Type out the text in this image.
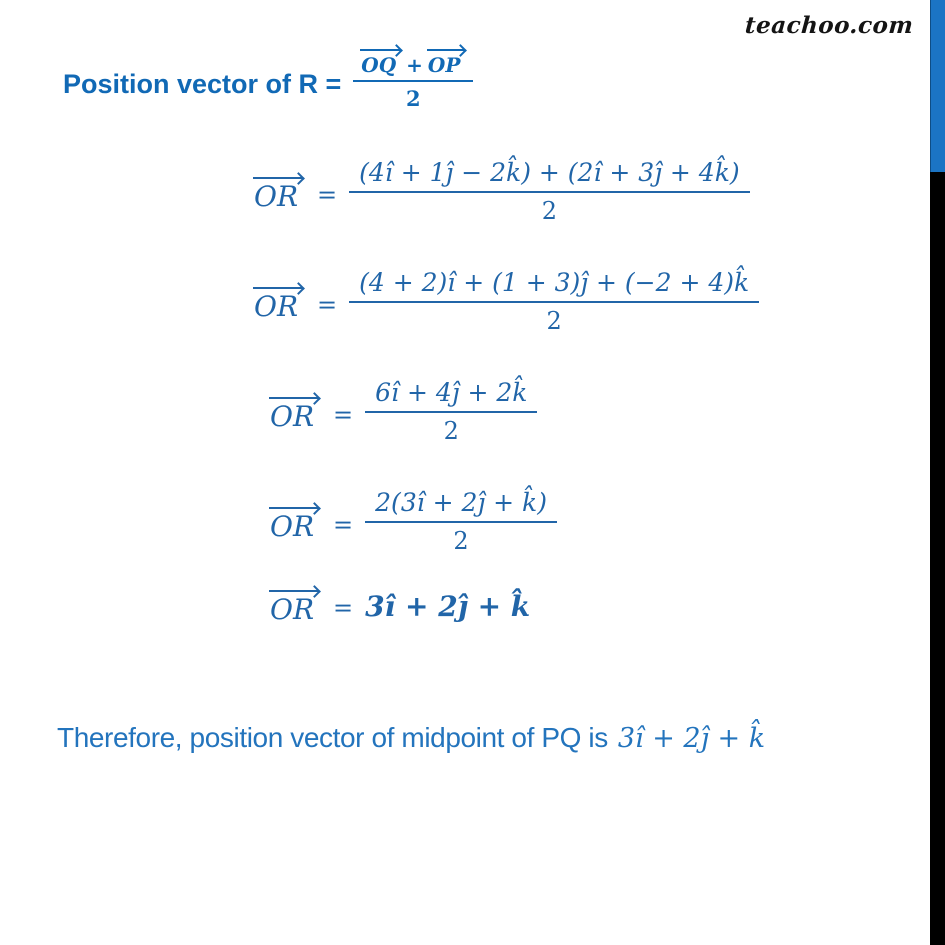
teachoo.com
Position vector of $R = \frac{OQ + OP}{2}$
OR = $\frac{(4î + 1ĵ - 2k̂) + (2î + 3ĵ + 4k̂)}{2}$
OR = $\frac{(4 + 2)î + (1 + 3)ĵ + (-2 + 4)k̂}{2}$
OR = $\frac{6î + 4ĵ + 2k̂}{2}$
OR = $\frac{2(3î + 2ĵ + k̂)}{2}$
OR = 3î + 2ĵ + k̂
Therefore, position vector of midpoint of PQ is 3î + 2ĵ + k̂
